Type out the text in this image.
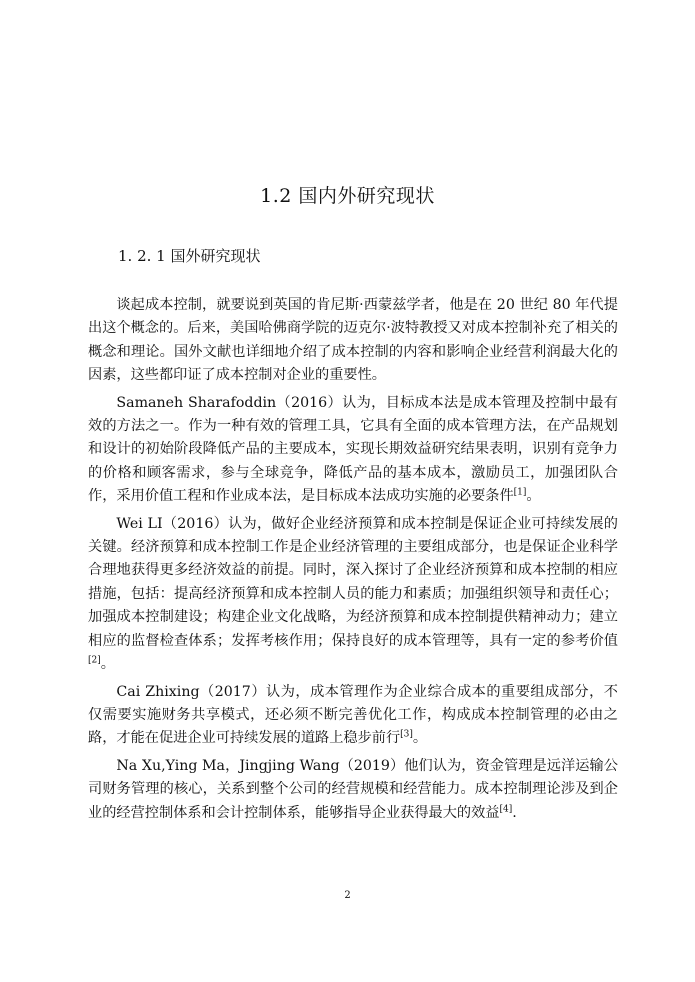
1.2 国内外研究现状
1. 2. 1 国外研究现状

谈起成本控制，就要说到英国的肯尼斯·西蒙兹学者，他是在 20 世纪 80 年代提出这个概念的。后来，美国哈佛商学院的迈克尔·波特教授又对成本控制补充了相关的概念和理论。国外文献也详细地介绍了成本控制的内容和影响企业经营利润最大化的因素，这些都印证了成本控制对企业的重要性。

Samaneh Sharafoddin（2016）认为，目标成本法是成本管理及控制中最有效的方法之一。作为一种有效的管理工具，它具有全面的成本管理方法，在产品规划和设计的初始阶段降低产品的主要成本，实现长期效益研究结果表明，识别有竞争力的价格和顾客需求，参与全球竞争，降低产品的基本成本，激励员工，加强团队合作，采用价值工程和作业成本法，是目标成本法成功实施的必要条件[1]。

Wei LI（2016）认为，做好企业经济预算和成本控制是保证企业可持续发展的关键。经济预算和成本控制工作是企业经济管理的主要组成部分，也是保证企业科学合理地获得更多经济效益的前提。同时，深入探讨了企业经济预算和成本控制的相应措施，包括：提高经济预算和成本控制人员的能力和素质；加强组织领导和责任心；加强成本控制建设；构建企业文化战略，为经济预算和成本控制提供精神动力；建立相应的监督检查体系；发挥考核作用；保持良好的成本管理等，具有一定的参考价值[2]。

Cai Zhixing（2017）认为，成本管理作为企业综合成本的重要组成部分，不仅需要实施财务共享模式，还必须不断完善优化工作，构成成本控制管理的必由之路，才能在促进企业可持续发展的道路上稳步前行[3]。

Na Xu,Ying Ma，Jingjing Wang（2019）他们认为，资金管理是远洋运输公司财务管理的核心，关系到整个公司的经营规模和经营能力。成本控制理论涉及到企业的经营控制体系和会计控制体系，能够指导企业获得最大的效益[4].

2
